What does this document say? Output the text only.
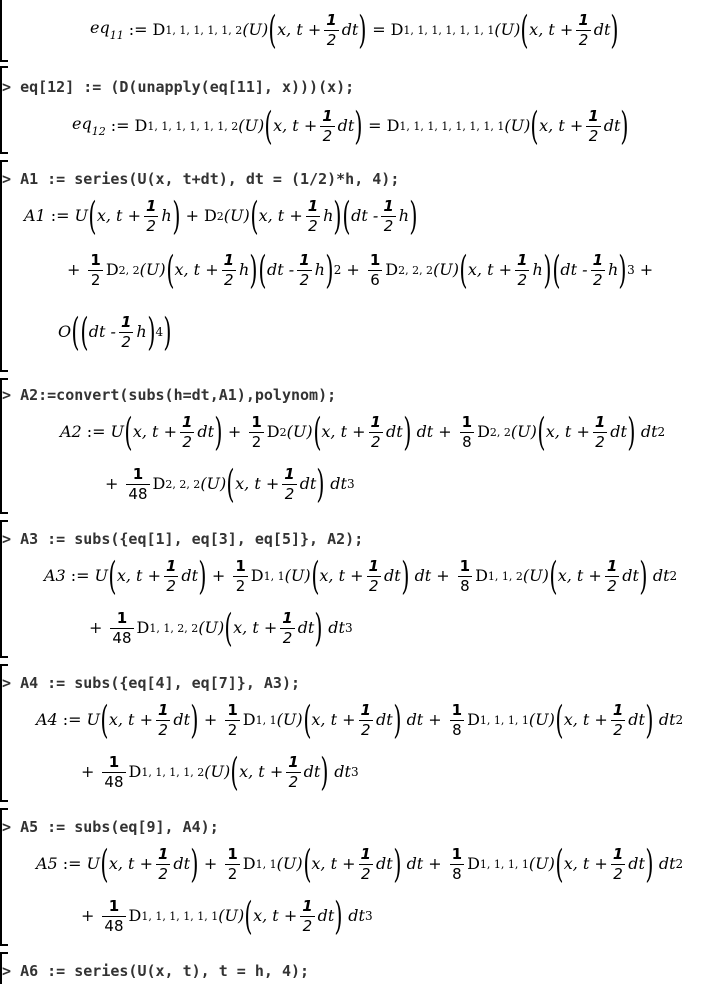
$eq_{11}$ := D 1, 1, 1, 1, 1, 2 (U) ( x,
t
+ $\frac{1}{2}$ dt ) = D 1, 1, 1, 1, 1, 1, 1 (U) ( x,
t
+ $\frac{1}{2}$ dt )
> eq[12] := (D(unapply(eq[11], x)))(x);
$eq_{12}$ := D 1, 1, 1, 1, 1, 1, 2 (U) ( x,
t
+ $\frac{1}{2}$ dt ) = D 1, 1, 1, 1, 1, 1, 1, 1 (U) ( x,
t
+ $\frac{1}{2}$ dt )
> A1 := series(U(x, t+dt), dt = (1/2)*h, 4);
A1 := U ( x,
t
+ $\frac{1}{2}$ h ) + D 2 (U) ( x,
t
+ $\frac{1}{2}$ h ) ( dt
- $\frac{1}{2}$ h )
+ $\frac{1}{2}$ D 2, 2 (U) ( x,
t
+ $\frac{1}{2}$ h ) ( dt
- $\frac{1}{2}$ h ) $2 + \frac{1}{6}$ D 2, 2, 2 (U) ( x,
t
+ $\frac{1}{2}$ h ) ( dt
- $\frac{1}{2}$ h ) 3 +
O ( ( dt
- $\frac{1}{2}$ h ) 4 )
> A2:=convert(subs(h=dt,A1),polynom);
A2 := U ( x,
t
+ $\frac{1}{2}$ dt ) + $\frac{1}{2}$ D 2 (U) ( x,
t
+ $\frac{1}{2}$ dt ) dt + $\frac{1}{8}$ D 2, 2 (U) ( x,
t
+ $\frac{1}{2}$ dt ) dt 2
+ $\frac{1}{48}$ D 2, 2, 2 (U) ( x,
t
+ $\frac{1}{2}$ dt ) dt 3
> A3 := subs({eq[1], eq[3], eq[5]}, A2);
A3 := U ( x,
t
+ $\frac{1}{2}$ dt ) + $\frac{1}{2}$ D 1, 1 (U) ( x,
t
+ $\frac{1}{2}$ dt ) dt + $\frac{1}{8}$ D 1, 1, 2 (U) ( x,
t
+ $\frac{1}{2}$ dt ) dt 2
+ $\frac{1}{48}$ D 1, 1, 2, 2 (U) ( x,
t
+ $\frac{1}{2}$ dt ) dt 3
> A4 := subs({eq[4], eq[7]}, A3);
A4 := U ( x,
t
+ $\frac{1}{2}$ dt ) + $\frac{1}{2}$ D 1, 1 (U) ( x,
t
+ $\frac{1}{2}$ dt ) dt + $\frac{1}{8}$ D 1, 1, 1, 1 (U) ( x,
t
+ $\frac{1}{2}$ dt ) dt 2
+ $\frac{1}{48}$ D 1, 1, 1, 1, 2 (U) ( x,
t
+ $\frac{1}{2}$ dt ) dt 3
> A5 := subs(eq[9], A4);
A5 := U ( x,
t
+ $\frac{1}{2}$ dt ) + $\frac{1}{2}$ D 1, 1 (U) ( x,
t
+ $\frac{1}{2}$ dt ) dt + $\frac{1}{8}$ D 1, 1, 1, 1 (U) ( x,
t
+ $\frac{1}{2}$ dt ) dt 2
+ $\frac{1}{48}$ D 1, 1, 1, 1, 1, 1 (U) ( x,
t
+ $\frac{1}{2}$ dt ) dt 3
> A6 := series(U(x, t), t = h, 4);
